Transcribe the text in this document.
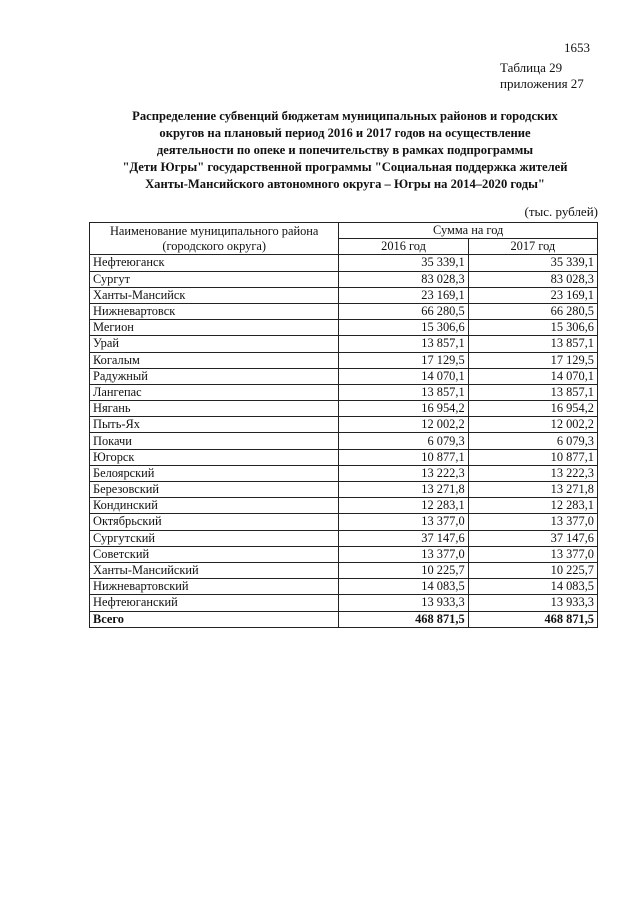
1653
Таблица 29
приложения 27
Распределение субвенций бюджетам муниципальных районов и городских
округов на плановый период 2016 и 2017 годов на осуществление
деятельности по опеке и попечительству в рамках подпрограммы
"Дети Югры" государственной программы "Социальная поддержка жителей
Ханты-Мансийского автономного округа – Югры на 2014–2020 годы"
(тыс. рублей)
Наименование муниципального района (городского округа)	Сумма на год	
	2016 год	2017 год
Нефтеюганск	35 339,1	35 339,1
Сургут	83 028,3	83 028,3
Ханты-Мансийск	23 169,1	23 169,1
Нижневартовск	66 280,5	66 280,5
Мегион	15 306,6	15 306,6
Урай	13 857,1	13 857,1
Когалым	17 129,5	17 129,5
Радужный	14 070,1	14 070,1
Лангепас	13 857,1	13 857,1
Нягань	16 954,2	16 954,2
Пыть-Ях	12 002,2	12 002,2
Покачи	6 079,3	6 079,3
Югорск	10 877,1	10 877,1
Белоярский	13 222,3	13 222,3
Березовский	13 271,8	13 271,8
Кондинский	12 283,1	12 283,1
Октябрьский	13 377,0	13 377,0
Сургутский	37 147,6	37 147,6
Советский	13 377,0	13 377,0
Ханты-Мансийский	10 225,7	10 225,7
Нижневартовский	14 083,5	14 083,5
Нефтеюганский	13 933,3	13 933,3
Всего	468 871,5	468 871,5
